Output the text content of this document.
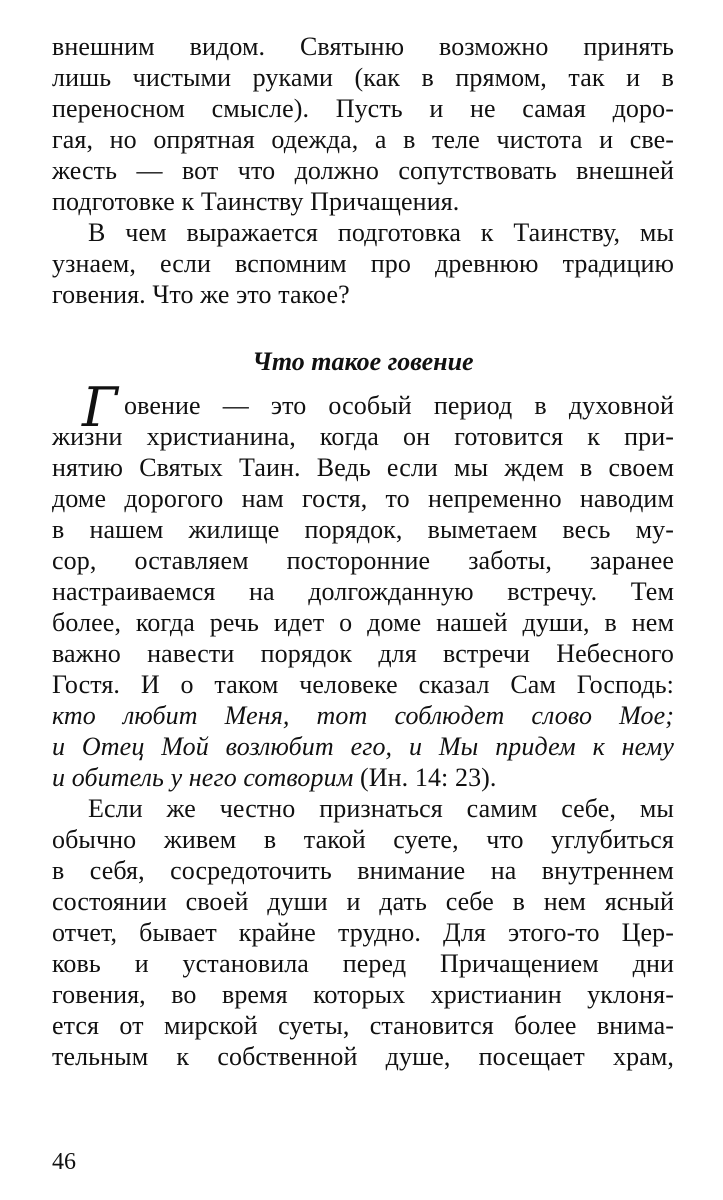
внешним видом. Святыню возможно принять
лишь чистыми руками (как в прямом, так и в
переносном смысле). Пусть и не самая доро-
гая, но опрятная одежда, а в теле чистота и све-
жесть — вот что должно сопутствовать внешней
подготовке к Таинству Причащения.
В чем выражается подготовка к Таинству, мы
узнаем, если вспомним про древнюю традицию
говения. Что же это такое?
Что такое говение
Говение — это особый период в духовной
жизни христианина, когда он готовится к при-
нятию Святых Таин. Ведь если мы ждем в своем
доме дорогого нам гостя, то непременно наводим
в нашем жилище порядок, выметаем весь му-
сор, оставляем посторонние заботы, заранее
настраиваемся на долгожданную встречу. Тем
более, когда речь идет о доме нашей души, в нем
важно навести порядок для встречи Небесного
Гостя. И о таком человеке сказал Сам Господь:
кто любит Меня, тот соблюдет слово Мое;
и Отец Мой возлюбит его, и Мы придем к нему
и обитель у него сотворим (Ин. 14: 23).
Если же честно признаться самим себе, мы
обычно живем в такой суете, что углубиться
в себя, сосредоточить внимание на внутреннем
состоянии своей души и дать себе в нем ясный
отчет, бывает крайне трудно. Для этого-то Цер-
ковь и установила перед Причащением дни
говения, во время которых христианин уклоня-
ется от мирской суеты, становится более внима-
тельным к собственной душе, посещает храм,
46
